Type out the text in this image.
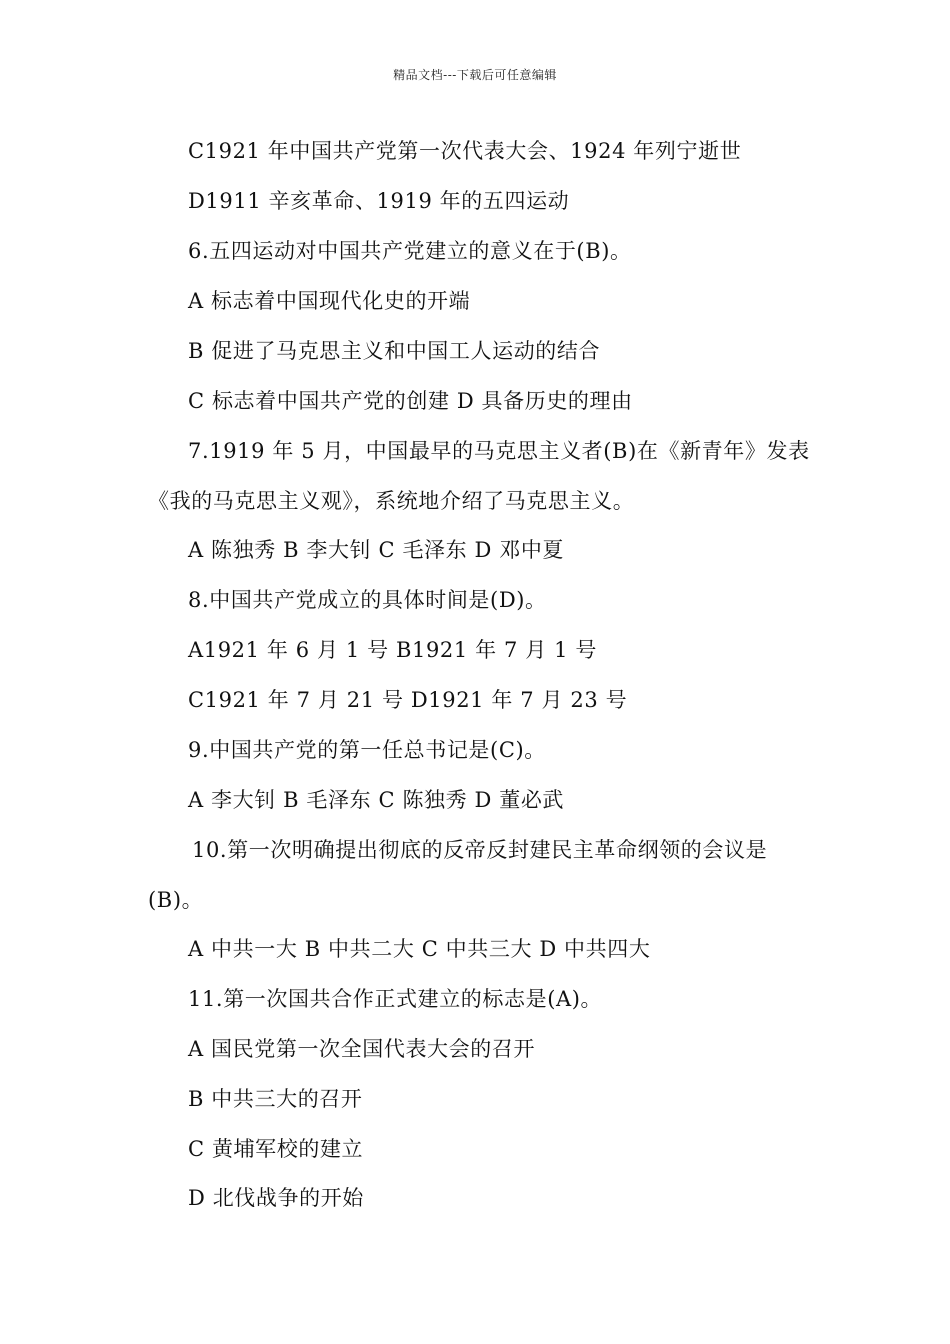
精品文档---下载后可任意编辑
C1921 年中国共产党第一次代表大会、1924 年列宁逝世
D1911 辛亥革命、1919 年的五四运动
6.五四运动对中国共产党建立的意义在于(B)。
A 标志着中国现代化史的开端
B 促进了马克思主义和中国工人运动的结合
C 标志着中国共产党的创建 D 具备历史的理由
7.1919 年 5 月，中国最早的马克思主义者(B)在《新青年》发表
《我的马克思主义观》，系统地介绍了马克思主义。
A 陈独秀 B 李大钊 C 毛泽东 D 邓中夏
8.中国共产党成立的具体时间是(D)。
A1921 年 6 月 1 号 B1921 年 7 月 1 号
C1921 年 7 月 21 号 D1921 年 7 月 23 号
9.中国共产党的第一任总书记是(C)。
A 李大钊 B 毛泽东 C 陈独秀 D 董必武
10.第一次明确提出彻底的反帝反封建民主革命纲领的会议是
(B)。
A 中共一大 B 中共二大 C 中共三大 D 中共四大
11.第一次国共合作正式建立的标志是(A)。
A 国民党第一次全国代表大会的召开
B 中共三大的召开
C 黄埔军校的建立
D 北伐战争的开始
